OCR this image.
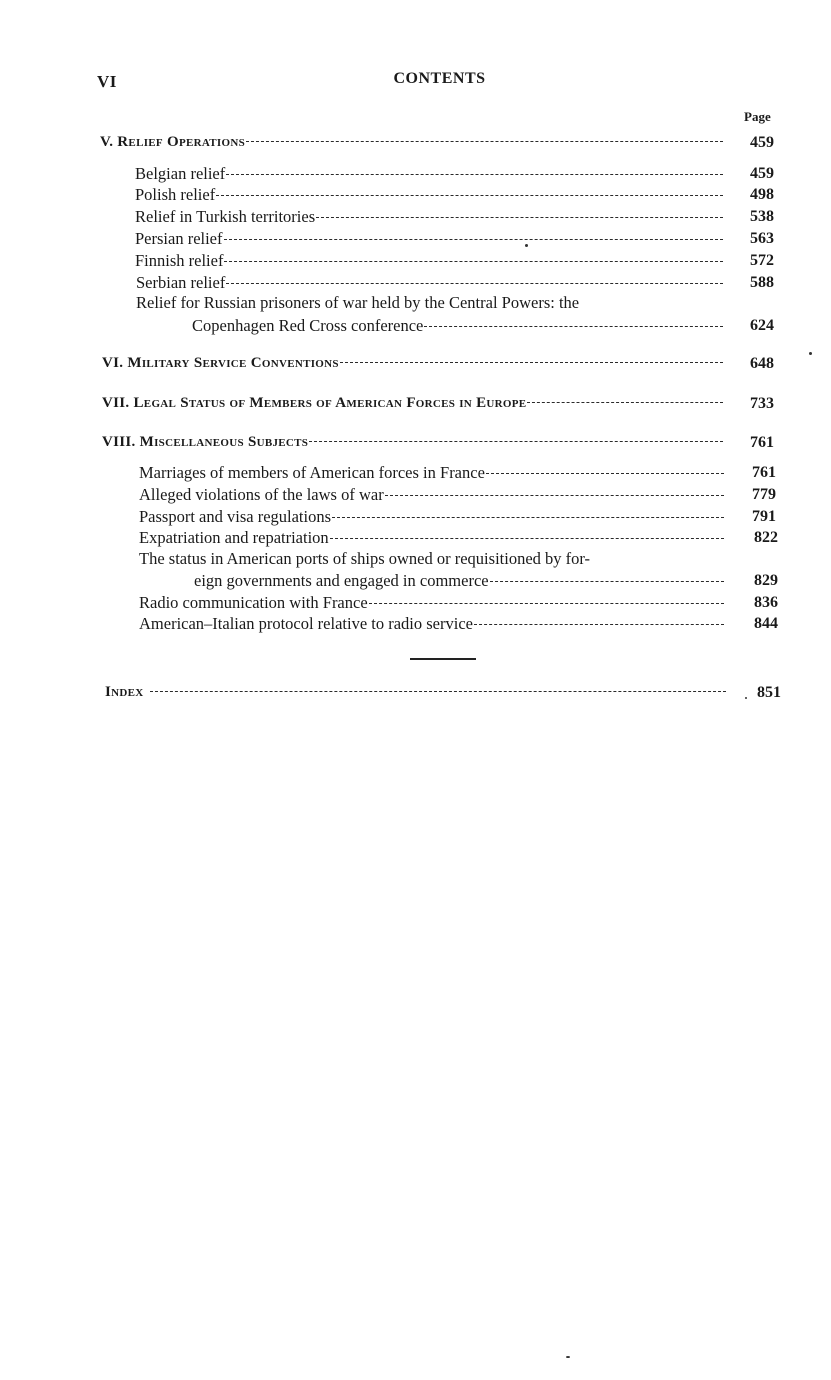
VI	CONTENTS
Page
V. Relief Operations	459
Belgian relief	459
Polish relief	498
Relief in Turkish territories	538
Persian relief	563
Finnish relief	572
Serbian relief	588
Relief for Russian prisoners of war held by the Central Powers: the
Copenhagen Red Cross conference	624
VI. Military Service Conventions	648
VII. Legal Status of Members of American Forces in Europe	733
VIII. Miscellaneous Subjects	761
Marriages of members of American forces in France	761
Alleged violations of the laws of war	779
Passport and visa regulations	791
Expatriation and repatriation	822
The status in American ports of ships owned or requisitioned by for-
eign governments and engaged in commerce	829
Radio communication with France	836
American–Italian protocol relative to radio service	844
Index	851
